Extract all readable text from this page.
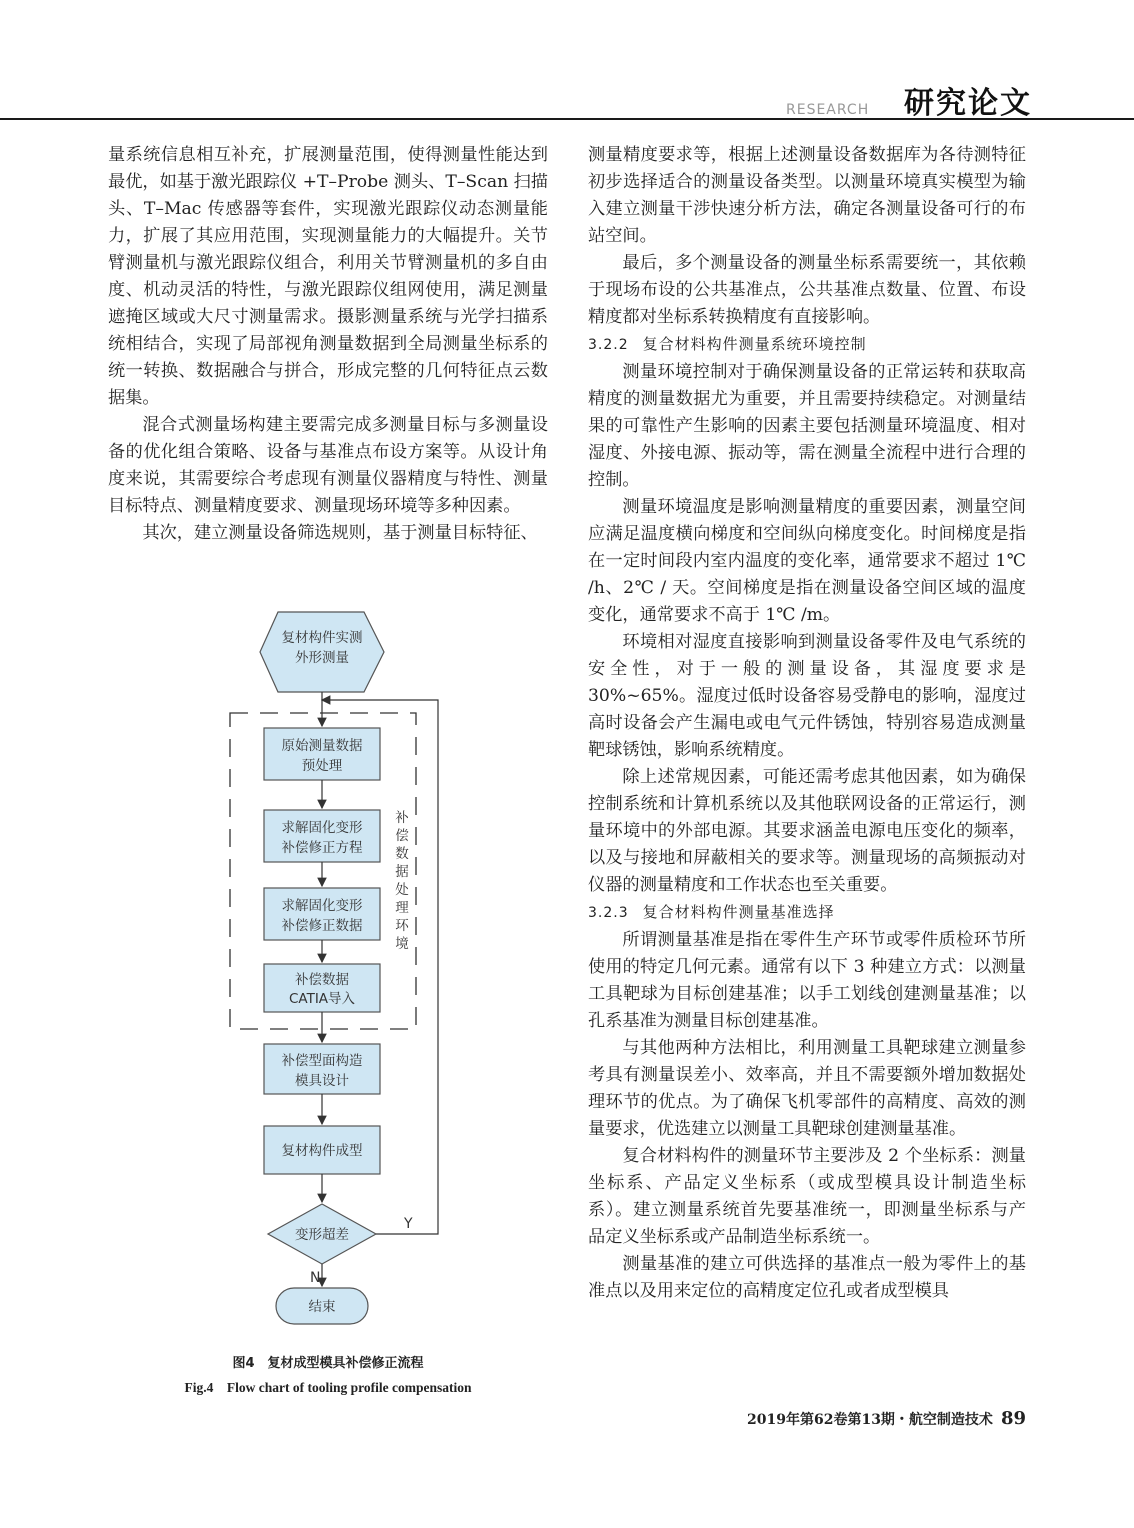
RESEARCH 研究论文

量系统信息相互补充，扩展测量范围，使得测量性能达到最优，如基于激光跟踪仪 +T–Probe 测头、T–Scan 扫描头、T–Mac 传感器等套件，实现激光跟踪仪动态测量能力，扩展了其应用范围，实现测量能力的大幅提升。关节臂测量机与激光跟踪仪组合，利用关节臂测量机的多自由度、机动灵活的特性，与激光跟踪仪组网使用，满足测量遮掩区域或大尺寸测量需求。摄影测量系统与光学扫描系统相结合，实现了局部视角测量数据到全局测量坐标系的统一转换、数据融合与拼合，形成完整的几何特征点云数据集。

混合式测量场构建主要需完成多测量目标与多测量设备的优化组合策略、设备与基准点布设方案等。从设计角度来说，其需要综合考虑现有测量仪器精度与特性、测量目标特点、测量精度要求、测量现场环境等多种因素。

其次，建立测量设备筛选规则，基于测量目标特征、

复材构件实测
外形测量
原始测量数据
预处理
求解固化变形
补偿修正方程
求解固化变形
补偿修正数据
补偿数据
CATIA导入
补偿型面构造
模具设计
复材构件成型
变形超差
Y
N
结束
补
偿
数
据
处
理
环
境
图4　复材成型模具补偿修正流程
Fig.4　Flow chart of tooling profile compensation

测量精度要求等，根据上述测量设备数据库为各待测特征初步选择适合的测量设备类型。以测量环境真实模型为输入建立测量干涉快速分析方法，确定各测量设备可行的布站空间。

最后，多个测量设备的测量坐标系需要统一，其依赖于现场布设的公共基准点，公共基准点数量、位置、布设精度都对坐标系转换精度有直接影响。

3.2.2 复合材料构件测量系统环境控制

测量环境控制对于确保测量设备的正常运转和获取高精度的测量数据尤为重要，并且需要持续稳定。对测量结果的可靠性产生影响的因素主要包括测量环境温度、相对湿度、外接电源、振动等，需在测量全流程中进行合理的控制。

测量环境温度是影响测量精度的重要因素，测量空间应满足温度横向梯度和空间纵向梯度变化。时间梯度是指在一定时间段内室内温度的变化率，通常要求不超过 1℃ /h、2℃ / 天。空间梯度是指在测量设备空间区域的温度变化，通常要求不高于 1℃ /m。

环境相对湿度直接影响到测量设备零件及电气系统的安全性，对于一般的测量设备，其湿度要求是30%~65%。湿度过低时设备容易受静电的影响，湿度过高时设备会产生漏电或电气元件锈蚀，特别容易造成测量靶球锈蚀，影响系统精度。

除上述常规因素，可能还需考虑其他因素，如为确保控制系统和计算机系统以及其他联网设备的正常运行，测量环境中的外部电源。其要求涵盖电源电压变化的频率，以及与接地和屏蔽相关的要求等。测量现场的高频振动对仪器的测量精度和工作状态也至关重要。

3.2.3 复合材料构件测量基准选择

所谓测量基准是指在零件生产环节或零件质检环节所使用的特定几何元素。通常有以下 3 种建立方式：以测量工具靶球为目标创建基准；以手工划线创建测量基准；以孔系基准为测量目标创建基准。

与其他两种方法相比，利用测量工具靶球建立测量参考具有测量误差小、效率高，并且不需要额外增加数据处理环节的优点。为了确保飞机零部件的高精度、高效的测量要求，优选建立以测量工具靶球创建测量基准。

复合材料构件的测量环节主要涉及 2 个坐标系：测量坐标系、产品定义坐标系（或成型模具设计制造坐标系）。建立测量系统首先要基准统一，即测量坐标系与产品定义坐标系或产品制造坐标系统一。

测量基准的建立可供选择的基准点一般为零件上的基准点以及用来定位的高精度定位孔或者成型模具

2019年第62卷第13期・航空制造技术 89
